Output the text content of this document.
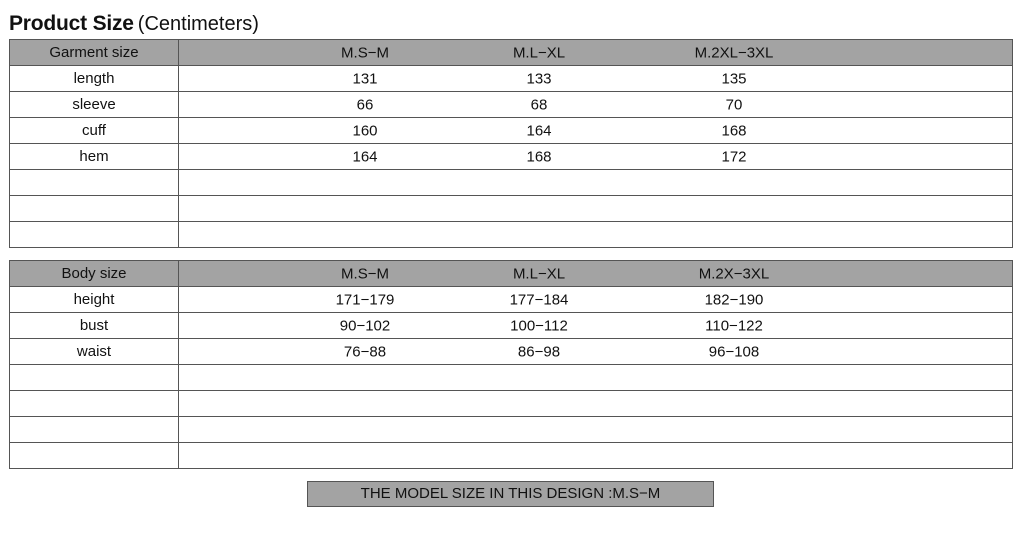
Product Size (Centimeters)
Garment size	M.S−M M.L−XL M.2XL−3XL

length	131 133 135

sleeve	66 68 70

cuff	160 164 168

hem	164 168 172

Body size	M.S−M M.L−XL M.2X−3XL

height	171−179 177−184 182−190

bust	90−102 100−112 110−122

waist	76−88 86−98 96−108

THE MODEL SIZE IN THIS DESIGN :M.S−M
